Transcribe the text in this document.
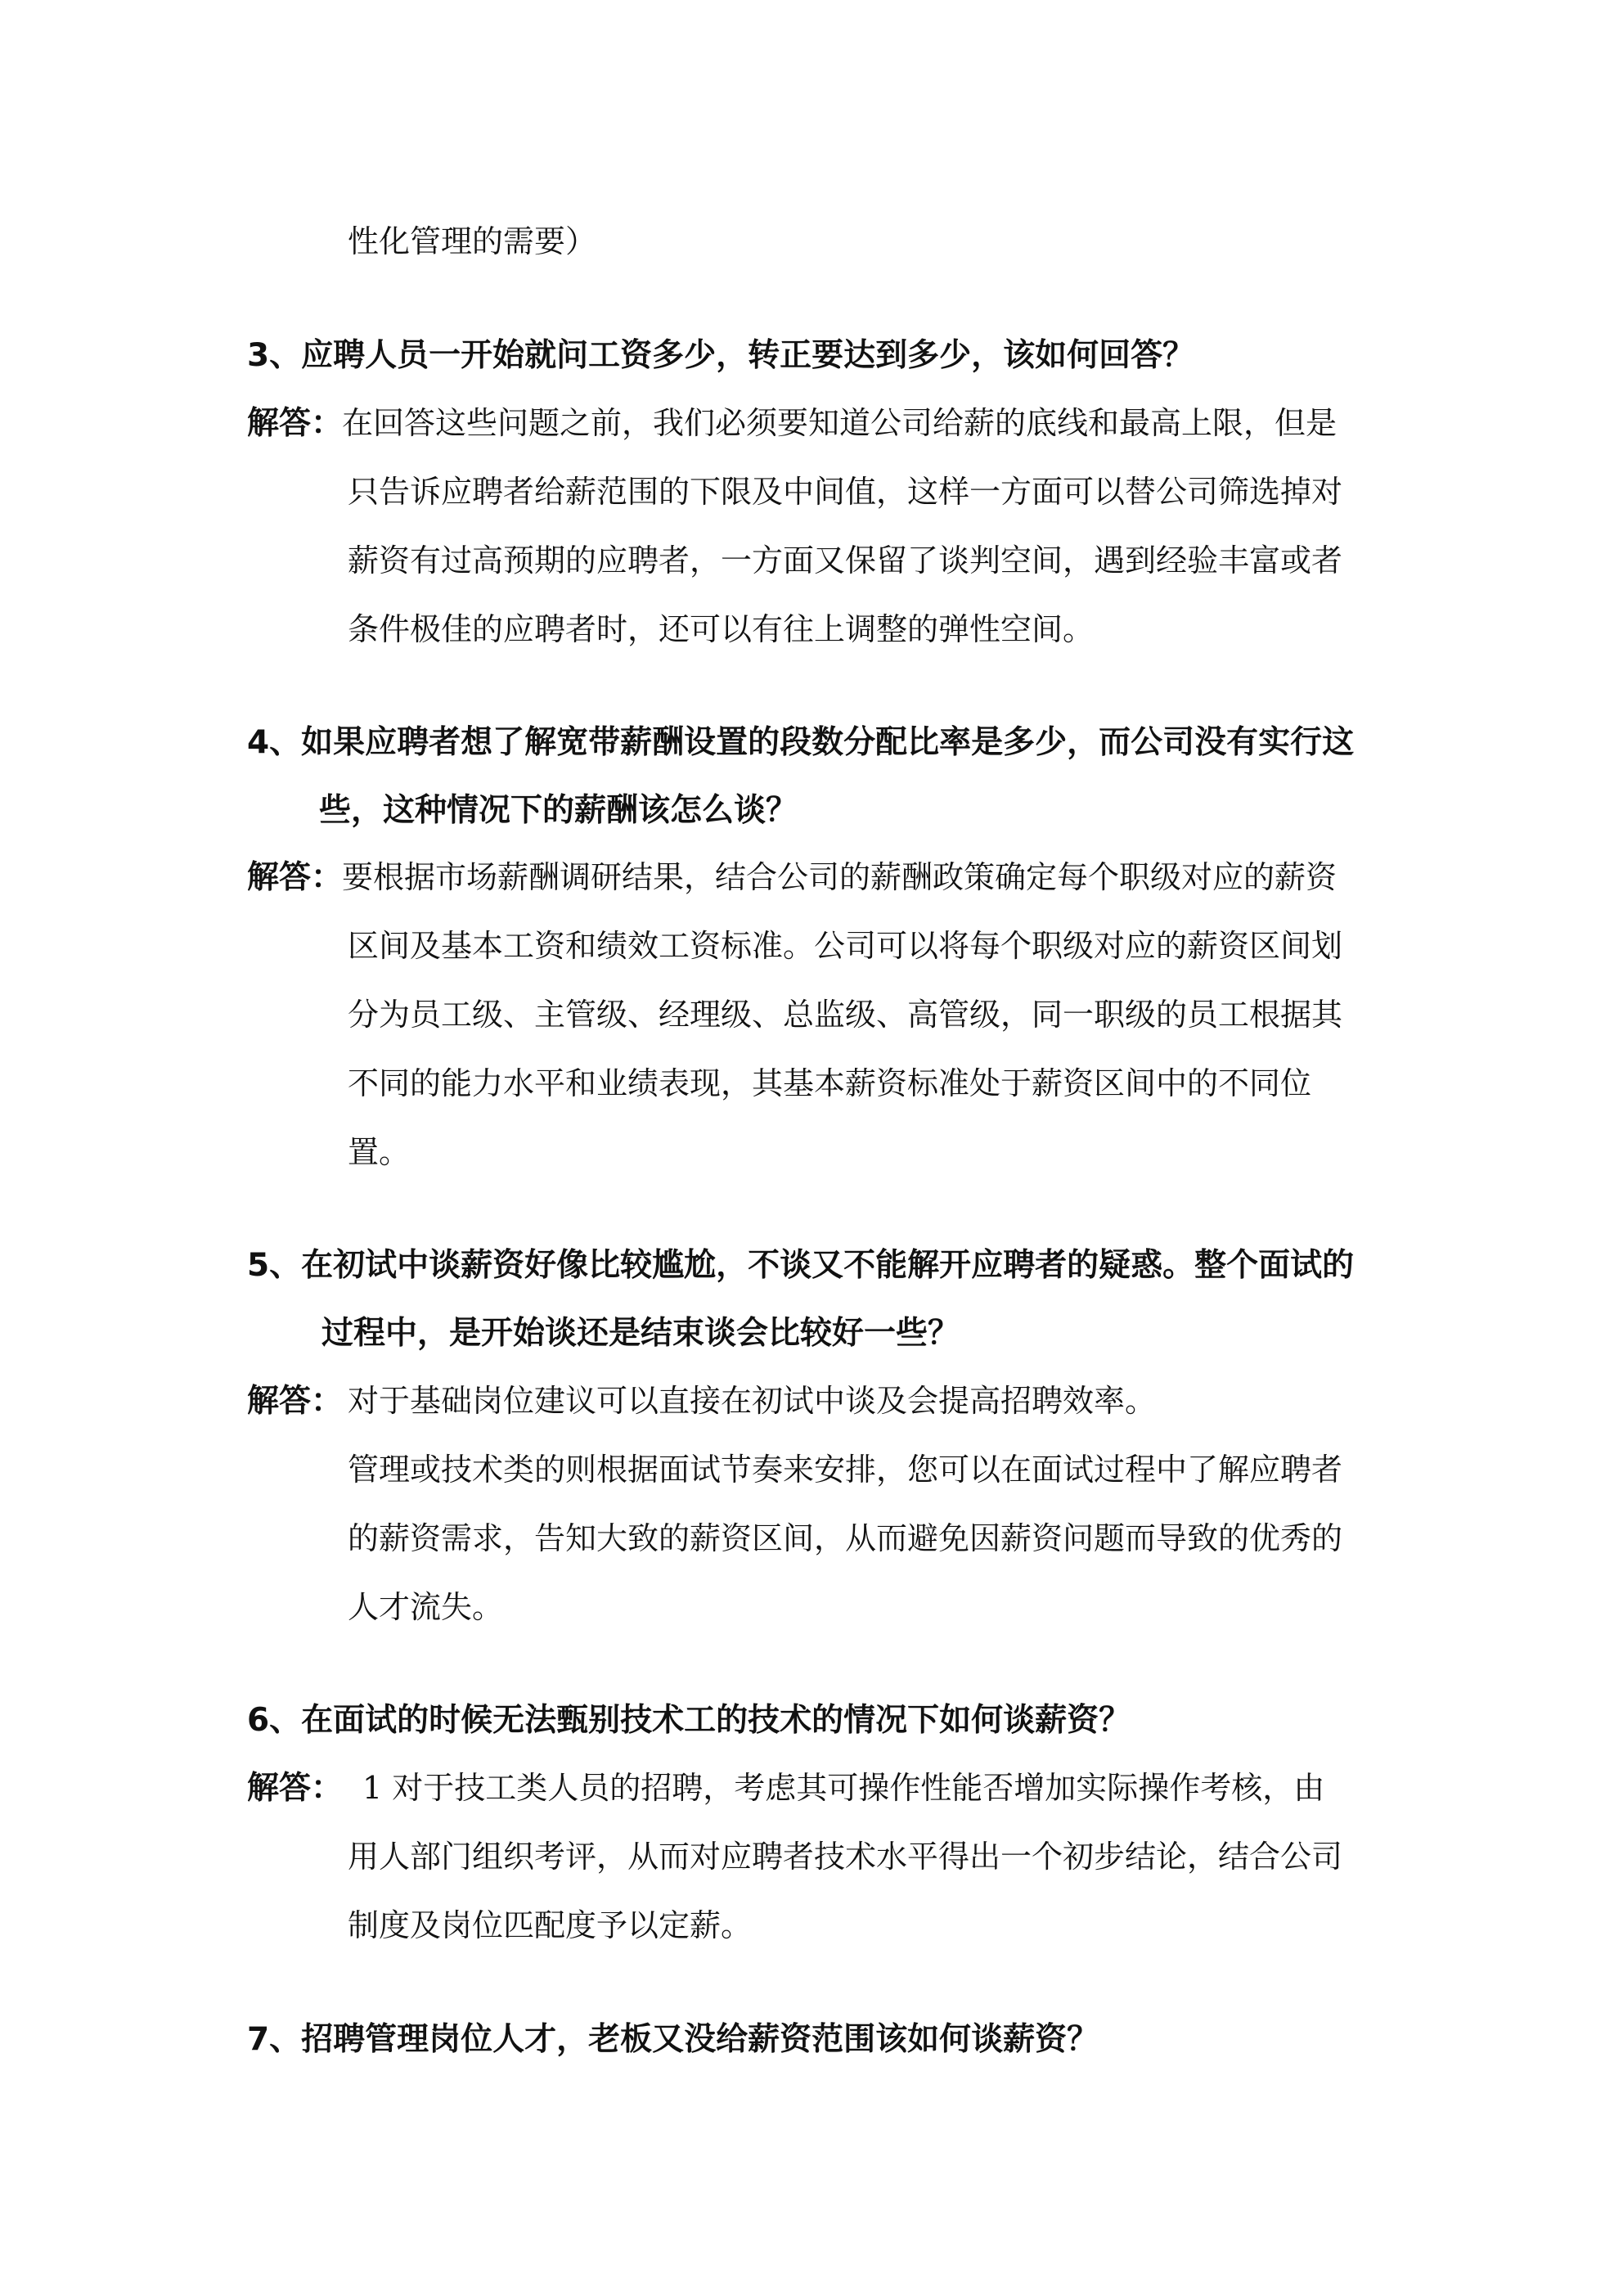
性化管理的需要）
3、应聘人员一开始就问工资多少，转正要达到多少，该如何回答？
解答：
在回答这些问题之前，我们必须要知道公司给薪的底线和最高上限，但是
只告诉应聘者给薪范围的下限及中间值，这样一方面可以替公司筛选掉对
薪资有过高预期的应聘者，一方面又保留了谈判空间，遇到经验丰富或者
条件极佳的应聘者时，还可以有往上调整的弹性空间。
4、如果应聘者想了解宽带薪酬设置的段数分配比率是多少，而公司没有实行这
些，这种情况下的薪酬该怎么谈？
解答：
要根据市场薪酬调研结果，结合公司的薪酬政策确定每个职级对应的薪资
区间及基本工资和绩效工资标准。公司可以将每个职级对应的薪资区间划
分为员工级、主管级、经理级、总监级、高管级，同一职级的员工根据其
不同的能力水平和业绩表现，其基本薪资标准处于薪资区间中的不同位
置。
5、在初试中谈薪资好像比较尴尬，不谈又不能解开应聘者的疑惑。整个面试的
过程中，是开始谈还是结束谈会比较好一些？
解答： 对于基础岗位建议可以直接在初试中谈及会提高招聘效率。
管理或技术类的则根据面试节奏来安排，您可以在面试过程中了解应聘者
的薪资需求，告知大致的薪资区间，从而避免因薪资问题而导致的优秀的
人才流失。
6、在面试的时候无法甄别技术工的技术的情况下如何谈薪资？
解答： 1 对于技工类人员的招聘，考虑其可操作性能否增加实际操作考核，由
用人部门组织考评，从而对应聘者技术水平得出一个初步结论，结合公司
制度及岗位匹配度予以定薪。
7、招聘管理岗位人才，老板又没给薪资范围该如何谈薪资？
